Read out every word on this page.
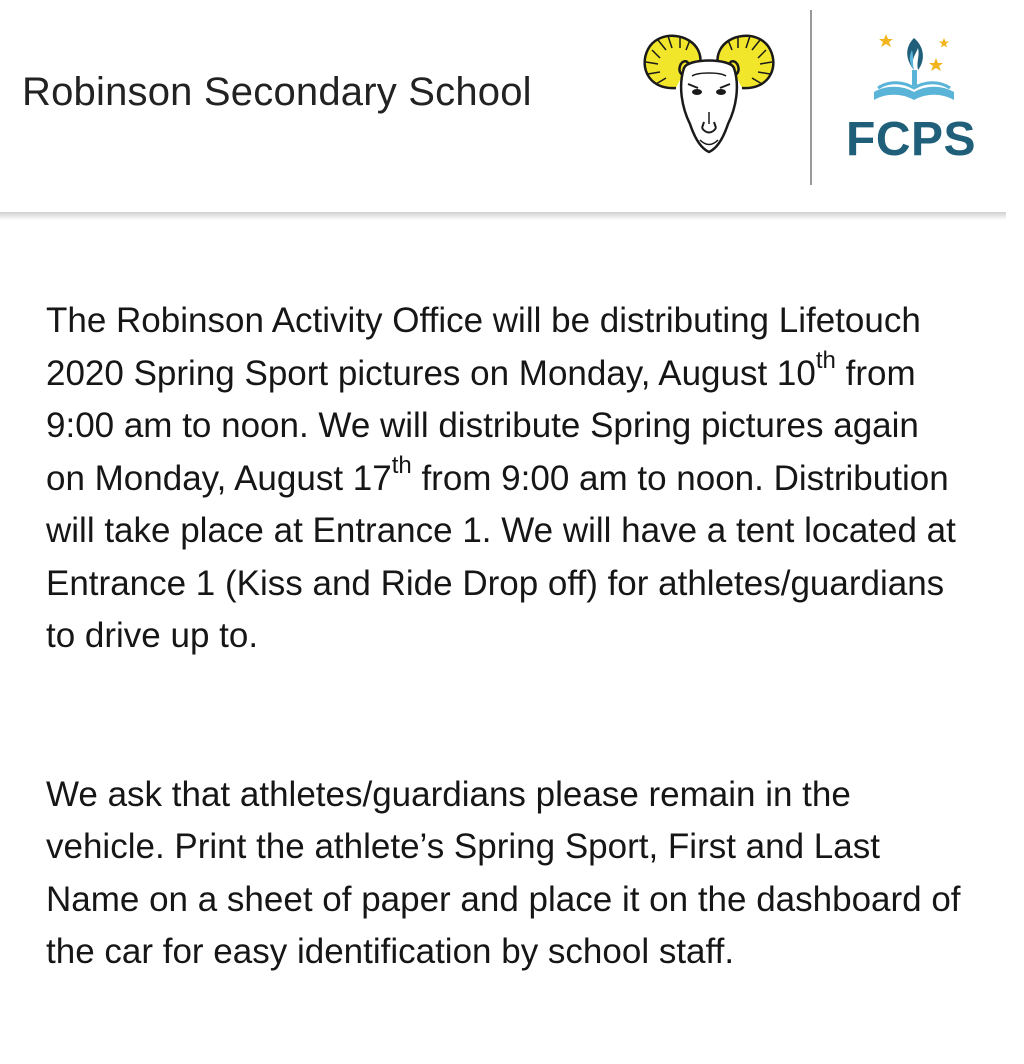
Robinson Secondary School
FCPS

The Robinson Activity Office will be distributing Lifetouch 2020 Spring Sport pictures on Monday, August 10th from 9:00 am to noon. We will distribute Spring pictures again on Monday, August 17th from 9:00 am to noon. Distribution will take place at Entrance 1. We will have a tent located at Entrance 1 (Kiss and Ride Drop off) for athletes/guardians to drive up to.

We ask that athletes/guardians please remain in the vehicle. Print the athlete’s Spring Sport, First and Last Name on a sheet of paper and place it on the dashboard of the car for easy identification by school staff.
